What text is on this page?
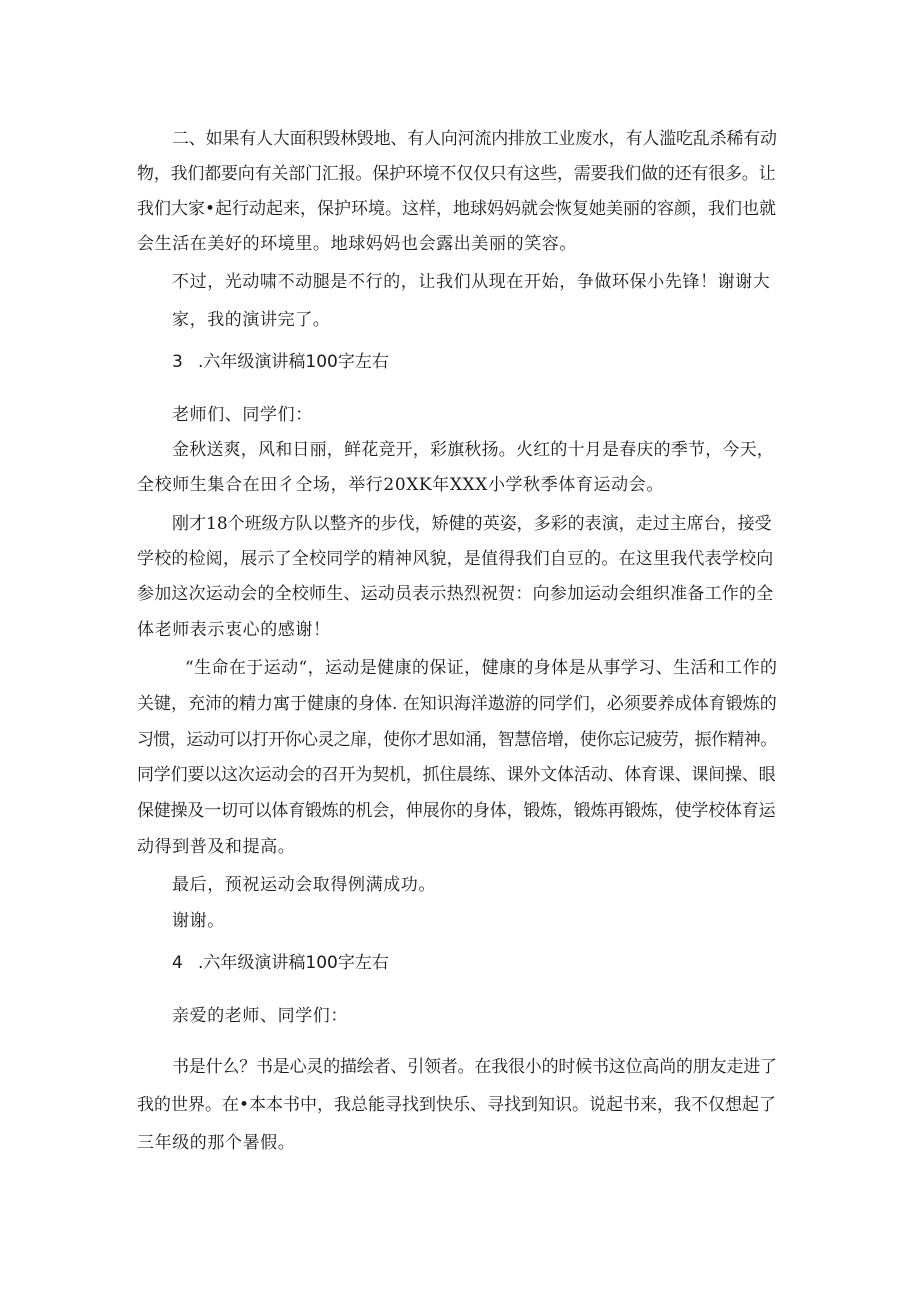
二、如果有人大面积毁林毁地、有人向河流内排放工业废水，有人滥吃乱杀稀有动
物，我们都要向有关部门汇报。保护环境不仅仅只有这些，需要我们做的还有很多。让
我们大家•起行动起来，保护环境。这样，地球妈妈就会恢复她美丽的容颜，我们也就
会生活在美好的环境里。地球妈妈也会露出美丽的笑容。
不过，光动啸不动腿是不行的，让我们从现在开始，争做环保小先锋！谢谢大
家，我的演讲完了。
3 .六年级演讲稿100字左右
老师们、同学们：
金秋送爽，风和日丽，鲜花竞开，彩旗秋扬。火红的十月是春庆的季节，今天，
全校师生集合在田彳仝场，举行20XK年XXX小学秋季体育运动会。
刚才18个班级方队以整齐的步伐，矫健的英姿，多彩的表演，走过主席台，接受
学校的检阅，展示了全校同学的精神风貌，是值得我们自豆的。在这里我代表学校向
参加这次运动会的全校师生、运动员表示热烈祝贺：向参加运动会组织准备工作的全
体老师表示衷心的感谢！
“生命在于运动“，运动是健康的保证，健康的身体是从事学习、生活和工作的
关键，充沛的精力寓于健康的身体. 在知识海洋遨游的同学们，必须要养成体育锻炼的
习惯，运动可以打开你心灵之扉，使你才思如涌，智慧倍增，使你忘记疲劳，振作精神。
同学们要以这次运动会的召开为契机，抓住晨练、课外文体活动、体育课、课间操、眼
保健操及一切可以体育锻炼的机会，伸展你的身体，锻炼，锻炼再锻炼，使学校体育运
动得到普及和提高。
最后，预祝运动会取得例满成功。
谢谢。
4 .六年级演讲稿100字左右
亲爱的老师、同学们：
书是什么？书是心灵的描绘者、引领者。在我很小的时候书这位高尚的朋友走进了
我的世界。在•本本书中，我总能寻找到快乐、寻找到知识。说起书来，我不仅想起了
三年级的那个暑假。
